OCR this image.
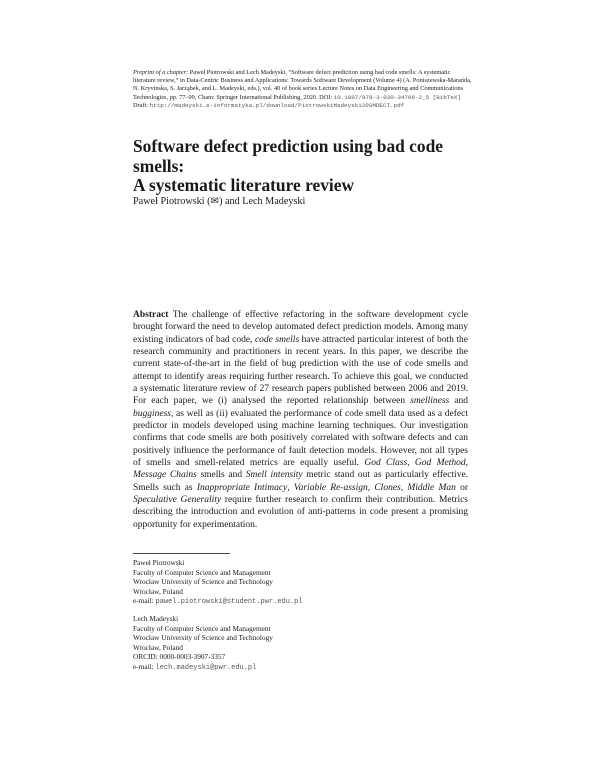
Preprint of a chapter: Paweł Piotrowski and Lech Madeyski, “Software defect prediction using bad code smells: A systematic literature review,” in Data-Centric Business and Applications: Towards Software Development (Volume 4) (A. Poniszewska-Marańda, N. Kryvinska, S. Jarząbek, and L. Madeyski, eds.), vol. 40 of book series Lecture Notes on Data Engineering and Communications Technologies, pp. 77–99, Cham: Springer International Publishing, 2020. DOI: 10.1007/978-3-030-34706-2_5 [BibTeX]
Draft: http://madeyski.e-informatyka.pl/download/PiotrowskiMadeyski20SMDECT.pdf
Software defect prediction using bad code smells:
A systematic literature review
Paweł Piotrowski (✉) and Lech Madeyski

Abstract The challenge of effective refactoring in the software development cycle brought forward the need to develop automated defect prediction models. Among many existing indicators of bad code, code smells have attracted particular interest of both the research community and practitioners in recent years. In this paper, we describe the current state-of-the-art in the field of bug prediction with the use of code smells and attempt to identify areas requiring further research. To achieve this goal, we conducted a systematic literature review of 27 research papers published between 2006 and 2019. For each paper, we (i) analysed the reported relationship between smelliness and bugginess, as well as (ii) evaluated the performance of code smell data used as a defect predictor in models developed using machine learning techniques. Our investigation confirms that code smells are both positively correlated with software defects and can positively influence the performance of fault detection models. However, not all types of smells and smell-related metrics are equally useful. God Class, God Method, Message Chains smells and Smell intensity metric stand out as particularly effective. Smells such as Inappropriate Intimacy, Variable Re-assign, Clones, Middle Man or Speculative Generality require further research to confirm their contribution. Metrics describing the introduction and evolution of anti-patterns in code present a promising opportunity for experimentation.

Paweł Piotrowski
Faculty of Computer Science and Management
Wrocław University of Science and Technology
Wrocław, Poland
e-mail: pawel.piotrowski@student.pwr.edu.pl
Lech Madeyski
Faculty of Computer Science and Management
Wrocław University of Science and Technology
Wrocław, Poland
ORCID: 0000-0003-3907-3357
e-mail: lech.madeyski@pwr.edu.pl
